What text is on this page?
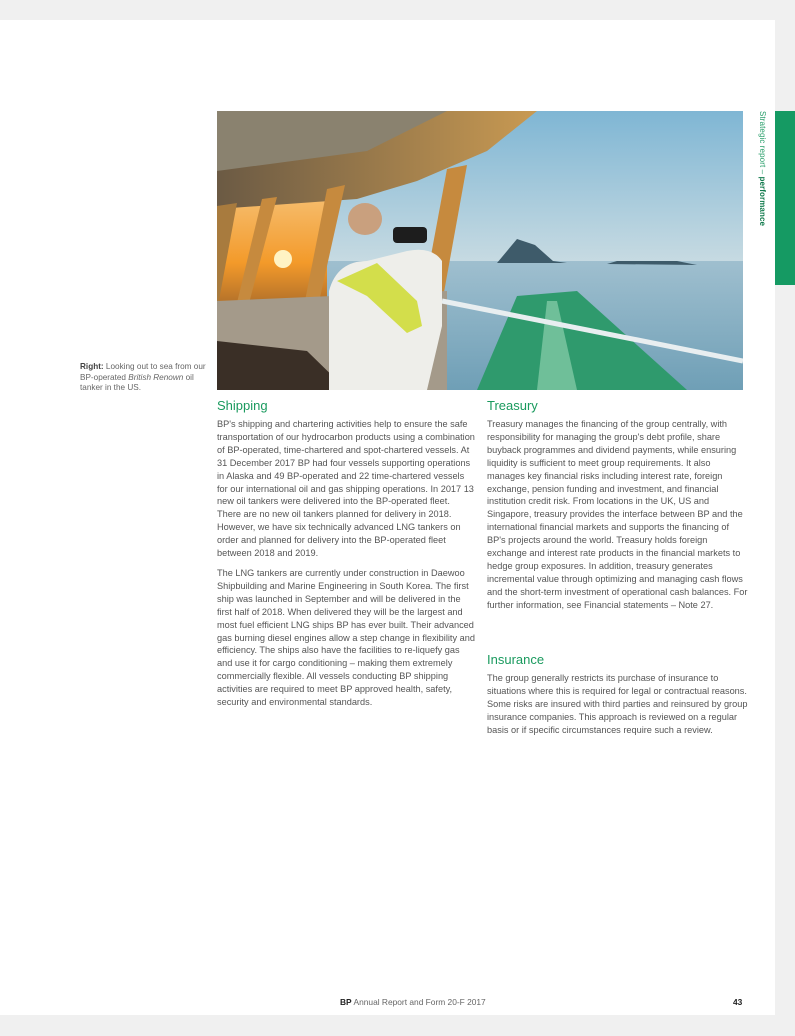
Strategic report – performance
Right: Looking out to sea from our BP-operated British Renown oil tanker in the US.
Shipping

BP's shipping and chartering activities help to ensure the safe transportation of our hydrocarbon products using a combination of BP-operated, time-chartered and spot-chartered vessels. At 31 December 2017 BP had four vessels supporting operations in Alaska and 49 BP-operated and 22 time-chartered vessels for our international oil and gas shipping operations. In 2017 13 new oil tankers were delivered into the BP-operated fleet. There are no new oil tankers planned for delivery in 2018. However, we have six technically advanced LNG tankers on order and planned for delivery into the BP-operated fleet between 2018 and 2019.

The LNG tankers are currently under construction in Daewoo Shipbuilding and Marine Engineering in South Korea. The first ship was launched in September and will be delivered in the first half of 2018. When delivered they will be the largest and most fuel efficient LNG ships BP has ever built. Their advanced gas burning diesel engines allow a step change in flexibility and efficiency. The ships also have the facilities to re-liquefy gas and use it for cargo conditioning – making them extremely commercially flexible. All vessels conducting BP shipping activities are required to meet BP approved health, safety, security and environmental standards.

Treasury

Treasury manages the financing of the group centrally, with responsibility for managing the group's debt profile, share buyback programmes and dividend payments, while ensuring liquidity is sufficient to meet group requirements. It also manages key financial risks including interest rate, foreign exchange, pension funding and investment, and financial institution credit risk. From locations in the UK, US and Singapore, treasury provides the interface between BP and the international financial markets and supports the financing of BP's projects around the world. Treasury holds foreign exchange and interest rate products in the financial markets to hedge group exposures. In addition, treasury generates incremental value through optimizing and managing cash flows and the short-term investment of operational cash balances. For further information, see Financial statements – Note 27.

Insurance

The group generally restricts its purchase of insurance to situations where this is required for legal or contractual reasons. Some risks are insured with third parties and reinsured by group insurance companies. This approach is reviewed on a regular basis or if specific circumstances require such a review.

BP Annual Report and Form 20-F 2017	43
